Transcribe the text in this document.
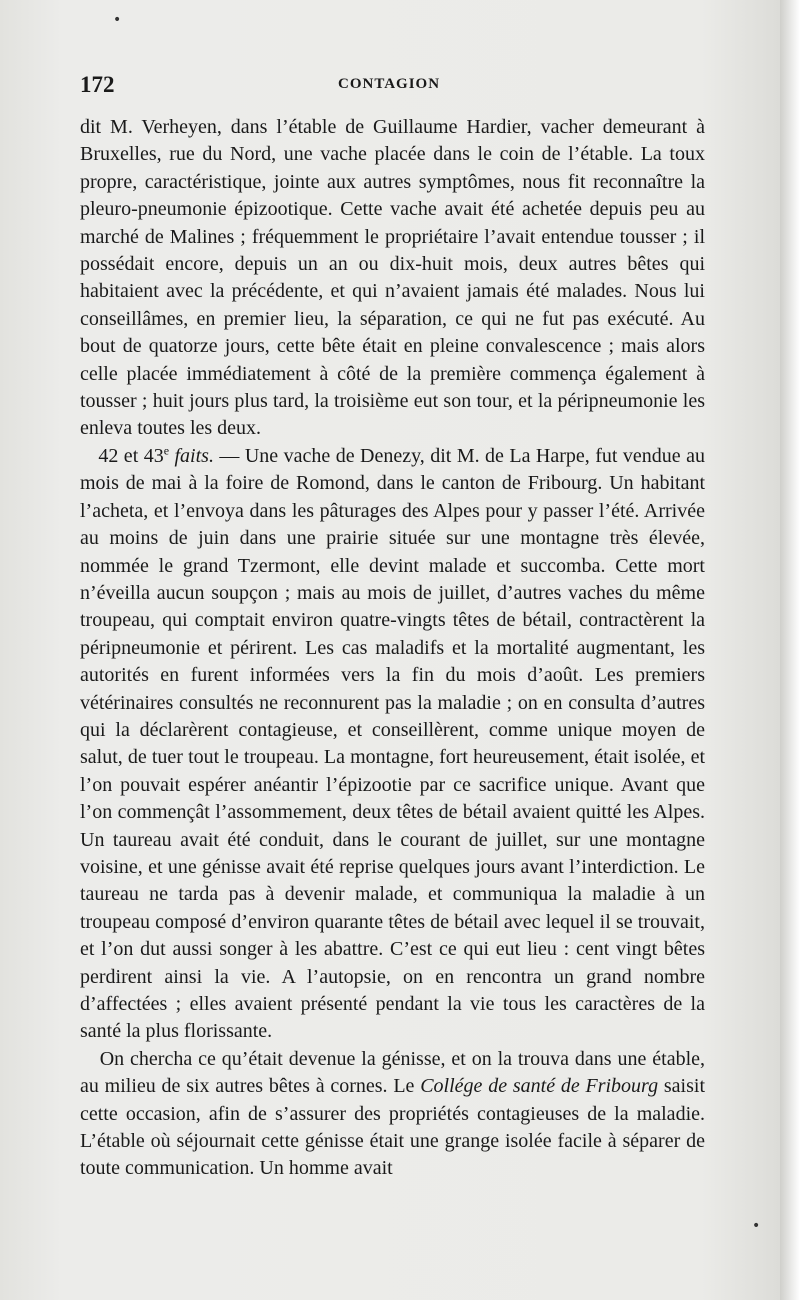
172	CONTAGION

dit M. Verheyen, dans l’étable de Guillaume Hardier, vacher demeurant à Bruxelles, rue du Nord, une vache placée dans le coin de l’étable. La toux propre, caractéristique, jointe aux autres symptômes, nous fit reconnaître la pleuro-pneumonie épizootique. Cette vache avait été achetée depuis peu au marché de Malines ; fréquemment le propriétaire l’avait entendue tousser ; il possédait encore, depuis un an ou dix-huit mois, deux autres bêtes qui habitaient avec la précédente, et qui n’avaient jamais été malades. Nous lui conseillâmes, en premier lieu, la séparation, ce qui ne fut pas exécuté. Au bout de quatorze jours, cette bête était en pleine convalescence ; mais alors celle placée immédiatement à côté de la première commença également à tousser ; huit jours plus tard, la troisième eut son tour, et la péripneumonie les enleva toutes les deux.

42 et 43e faits. — Une vache de Denezy, dit M. de La Harpe, fut vendue au mois de mai à la foire de Romond, dans le canton de Fribourg. Un habitant l’acheta, et l’envoya dans les pâturages des Alpes pour y passer l’été. Arrivée au moins de juin dans une prairie située sur une montagne très élevée, nommée le grand Tzermont, elle devint malade et succomba. Cette mort n’éveilla aucun soupçon ; mais au mois de juillet, d’autres vaches du même troupeau, qui comptait environ quatre-vingts têtes de bétail, contractèrent la péripneumonie et périrent. Les cas maladifs et la mortalité augmentant, les autorités en furent informées vers la fin du mois d’août. Les premiers vétérinaires consultés ne reconnurent pas la maladie ; on en consulta d’autres qui la déclarèrent contagieuse, et conseillèrent, comme unique moyen de salut, de tuer tout le troupeau. La montagne, fort heureusement, était isolée, et l’on pouvait espérer anéantir l’épizootie par ce sacrifice unique. Avant que l’on commençât l’assommement, deux têtes de bétail avaient quitté les Alpes. Un taureau avait été conduit, dans le courant de juillet, sur une montagne voisine, et une génisse avait été reprise quelques jours avant l’interdiction. Le taureau ne tarda pas à devenir malade, et communiqua la maladie à un troupeau composé d’environ quarante têtes de bétail avec lequel il se trouvait, et l’on dut aussi songer à les abattre. C’est ce qui eut lieu : cent vingt bêtes perdirent ainsi la vie. A l’autopsie, on en rencontra un grand nombre d’affectées ; elles avaient présenté pendant la vie tous les caractères de la santé la plus florissante.

On chercha ce qu’était devenue la génisse, et on la trouva dans une étable, au milieu de six autres bêtes à cornes. Le Collége de santé de Fribourg saisit cette occasion, afin de s’assurer des propriétés contagieuses de la maladie. L’étable où séjournait cette génisse était une grange isolée facile à séparer de toute communication. Un homme avait

•
•
